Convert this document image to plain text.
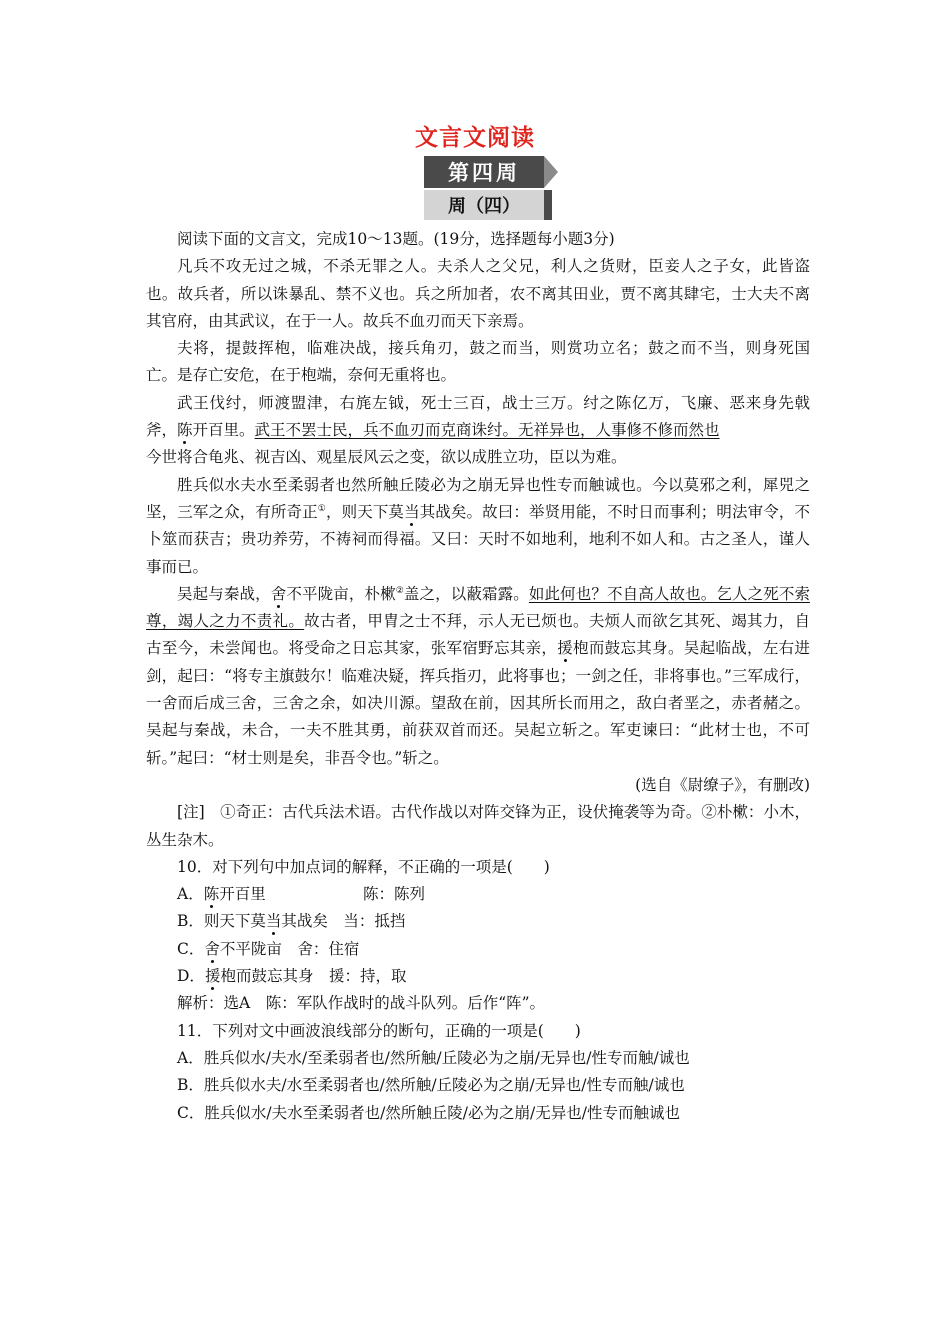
文言文阅读
第四周
周（四）

阅读下面的文言文，完成10～13题。(19分，选择题每小题3分)

凡兵不攻无过之城，不杀无罪之人。夫杀人之父兄，利人之货财，臣妾人之子女，此皆盗也。故兵者，所以诛暴乱、禁不义也。兵之所加者，农不离其田业，贾不离其肆宅，士大夫不离其官府，由其武议，在于一人。故兵不血刃而天下亲焉。

夫将，提鼓挥枹，临难决战，接兵角刃，鼓之而当，则赏功立名；鼓之而不当，则身死国亡。是存亡安危，在于枹端，奈何无重将也。

武王伐纣，师渡盟津，右旄左钺，死士三百，战士三万。纣之陈亿万，飞廉、恶来身先戟斧，陈开百里。武王不罢士民，兵不血刃而克商诛纣。无祥异也，人事修不修而然也

今世将合龟兆、视吉凶、观星辰风云之变，欲以成胜立功，臣以为难。

胜兵似水夫水至柔弱者也然所触丘陵必为之崩无异也性专而触诚也。今以莫邪之利，犀兕之坚，三军之众，有所奇正①，则天下莫当其战矣。故曰：举贤用能，不时日而事利；明法审令，不卜筮而获吉；贵功养劳，不祷祠而得福。又曰：天时不如地利，地利不如人和。古之圣人，谨人事而已。

吴起与秦战，舍不平陇亩，朴樕②盖之，以蔽霜露。如此何也？不自高人故也。乞人之死不索尊，竭人之力不责礼。故古者，甲胄之士不拜，示人无已烦也。夫烦人而欲乞其死、竭其力，自古至今，未尝闻也。将受命之日忘其家，张军宿野忘其亲，援枹而鼓忘其身。吴起临战，左右进剑，起曰：“将专主旗鼓尔！临难决疑，挥兵指刃，此将事也；一剑之任，非将事也。”三军成行，一舍而后成三舍，三舍之余，如决川源。望敌在前，因其所长而用之，敌白者垩之，赤者赭之。吴起与秦战，未合，一夫不胜其勇，前获双首而还。吴起立斩之。军吏谏曰：“此材士也，不可斩。”起曰：“材士则是矣，非吾令也。”斩之。

(选自《尉缭子》，有删改)

[注]　①奇正：古代兵法术语。古代作战以对阵交锋为正，设伏掩袭等为奇。②朴樕：小木，丛生杂木。

10．对下列句中加点词的解释，不正确的一项是(　　)

A．陈开百里	陈：陈列

B．则天下莫当其战矣　当：抵挡

C．舍不平陇亩　舍：住宿

D．援枹而鼓忘其身　援：持，取

解析：选A　陈：军队作战时的战斗队列。后作“阵”。

11．下列对文中画波浪线部分的断句，正确的一项是(　　)

A．胜兵似水/夫水/至柔弱者也/然所触/丘陵必为之崩/无异也/性专而触/诚也

B．胜兵似水夫/水至柔弱者也/然所触/丘陵必为之崩/无异也/性专而触/诚也

C．胜兵似水/夫水至柔弱者也/然所触丘陵/必为之崩/无异也/性专而触诚也
